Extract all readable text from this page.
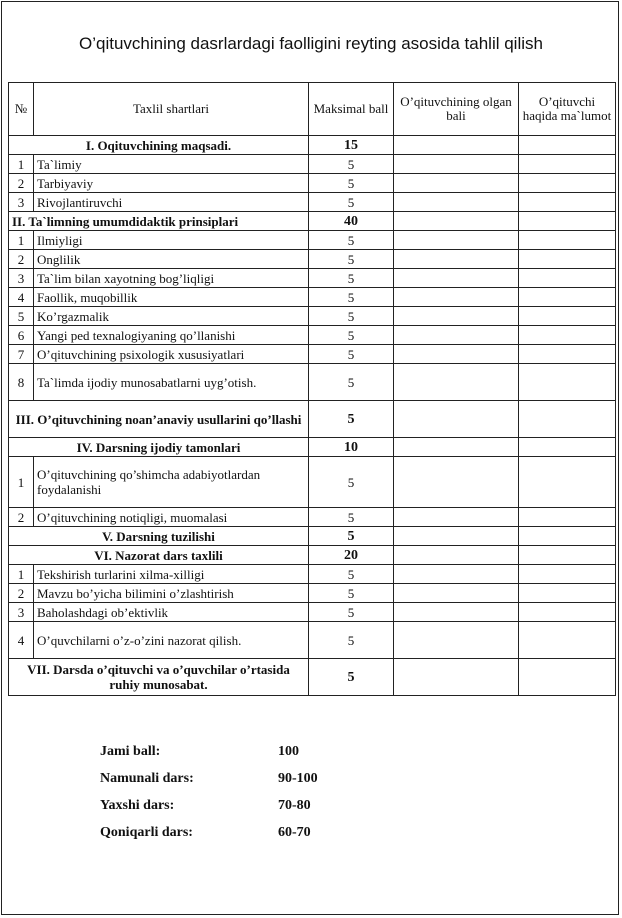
O’qituvchining dasrlardagi faolligini reyting asosida tahlil qilish
№	Taxlil shartlari	Maksimal ball	O’qituvchining olgan bali	O’qituvchi haqida ma`lumot
I. Oqituvchining maqsadi.		15		
1	Ta`limiy	5		
2	Tarbiyaviy	5		
3	Rivojlantiruvchi	5		
II. Ta`limning umumdidaktik prinsiplari		40		
1	Ilmiyligi	5		
2	Onglilik	5		
3	Ta`lim bilan xayotning bog’liqligi	5		
4	Faollik, muqobillik	5		
5	Ko’rgazmalik	5		
6	Yangi ped texnalogiyaning qo’llanishi	5		
7	O’qituvchining psixologik xususiyatlari	5		
8	Ta`limda ijodiy munosabatlarni uyg’otish.	5		
III. O’qituvchining noan’anaviy usullarini qo’llashi		5		
IV. Darsning ijodiy tamonlari		10		
1	O’qituvchining qo’shimcha adabiyotlardan foydalanishi	5		
2	O’qituvchining notiqligi, muomalasi	5		
V. Darsning tuzilishi		5		
VI. Nazorat dars taxlili		20		
1	Tekshirish turlarini xilma-xilligi	5		
2	Mavzu bo’yicha bilimini o’zlashtirish	5		
3	Baholashdagi ob’ektivlik	5		
4	O’quvchilarni o’z-o’zini nazorat qilish.	5		
VII. Darsda o’qituvchi va o’quvchilar o’rtasida ruhiy munosabat.		5		
Jami ball:	100
Namunali dars:	90-100
Yaxshi dars:	70-80
Qoniqarli dars:	60-70
